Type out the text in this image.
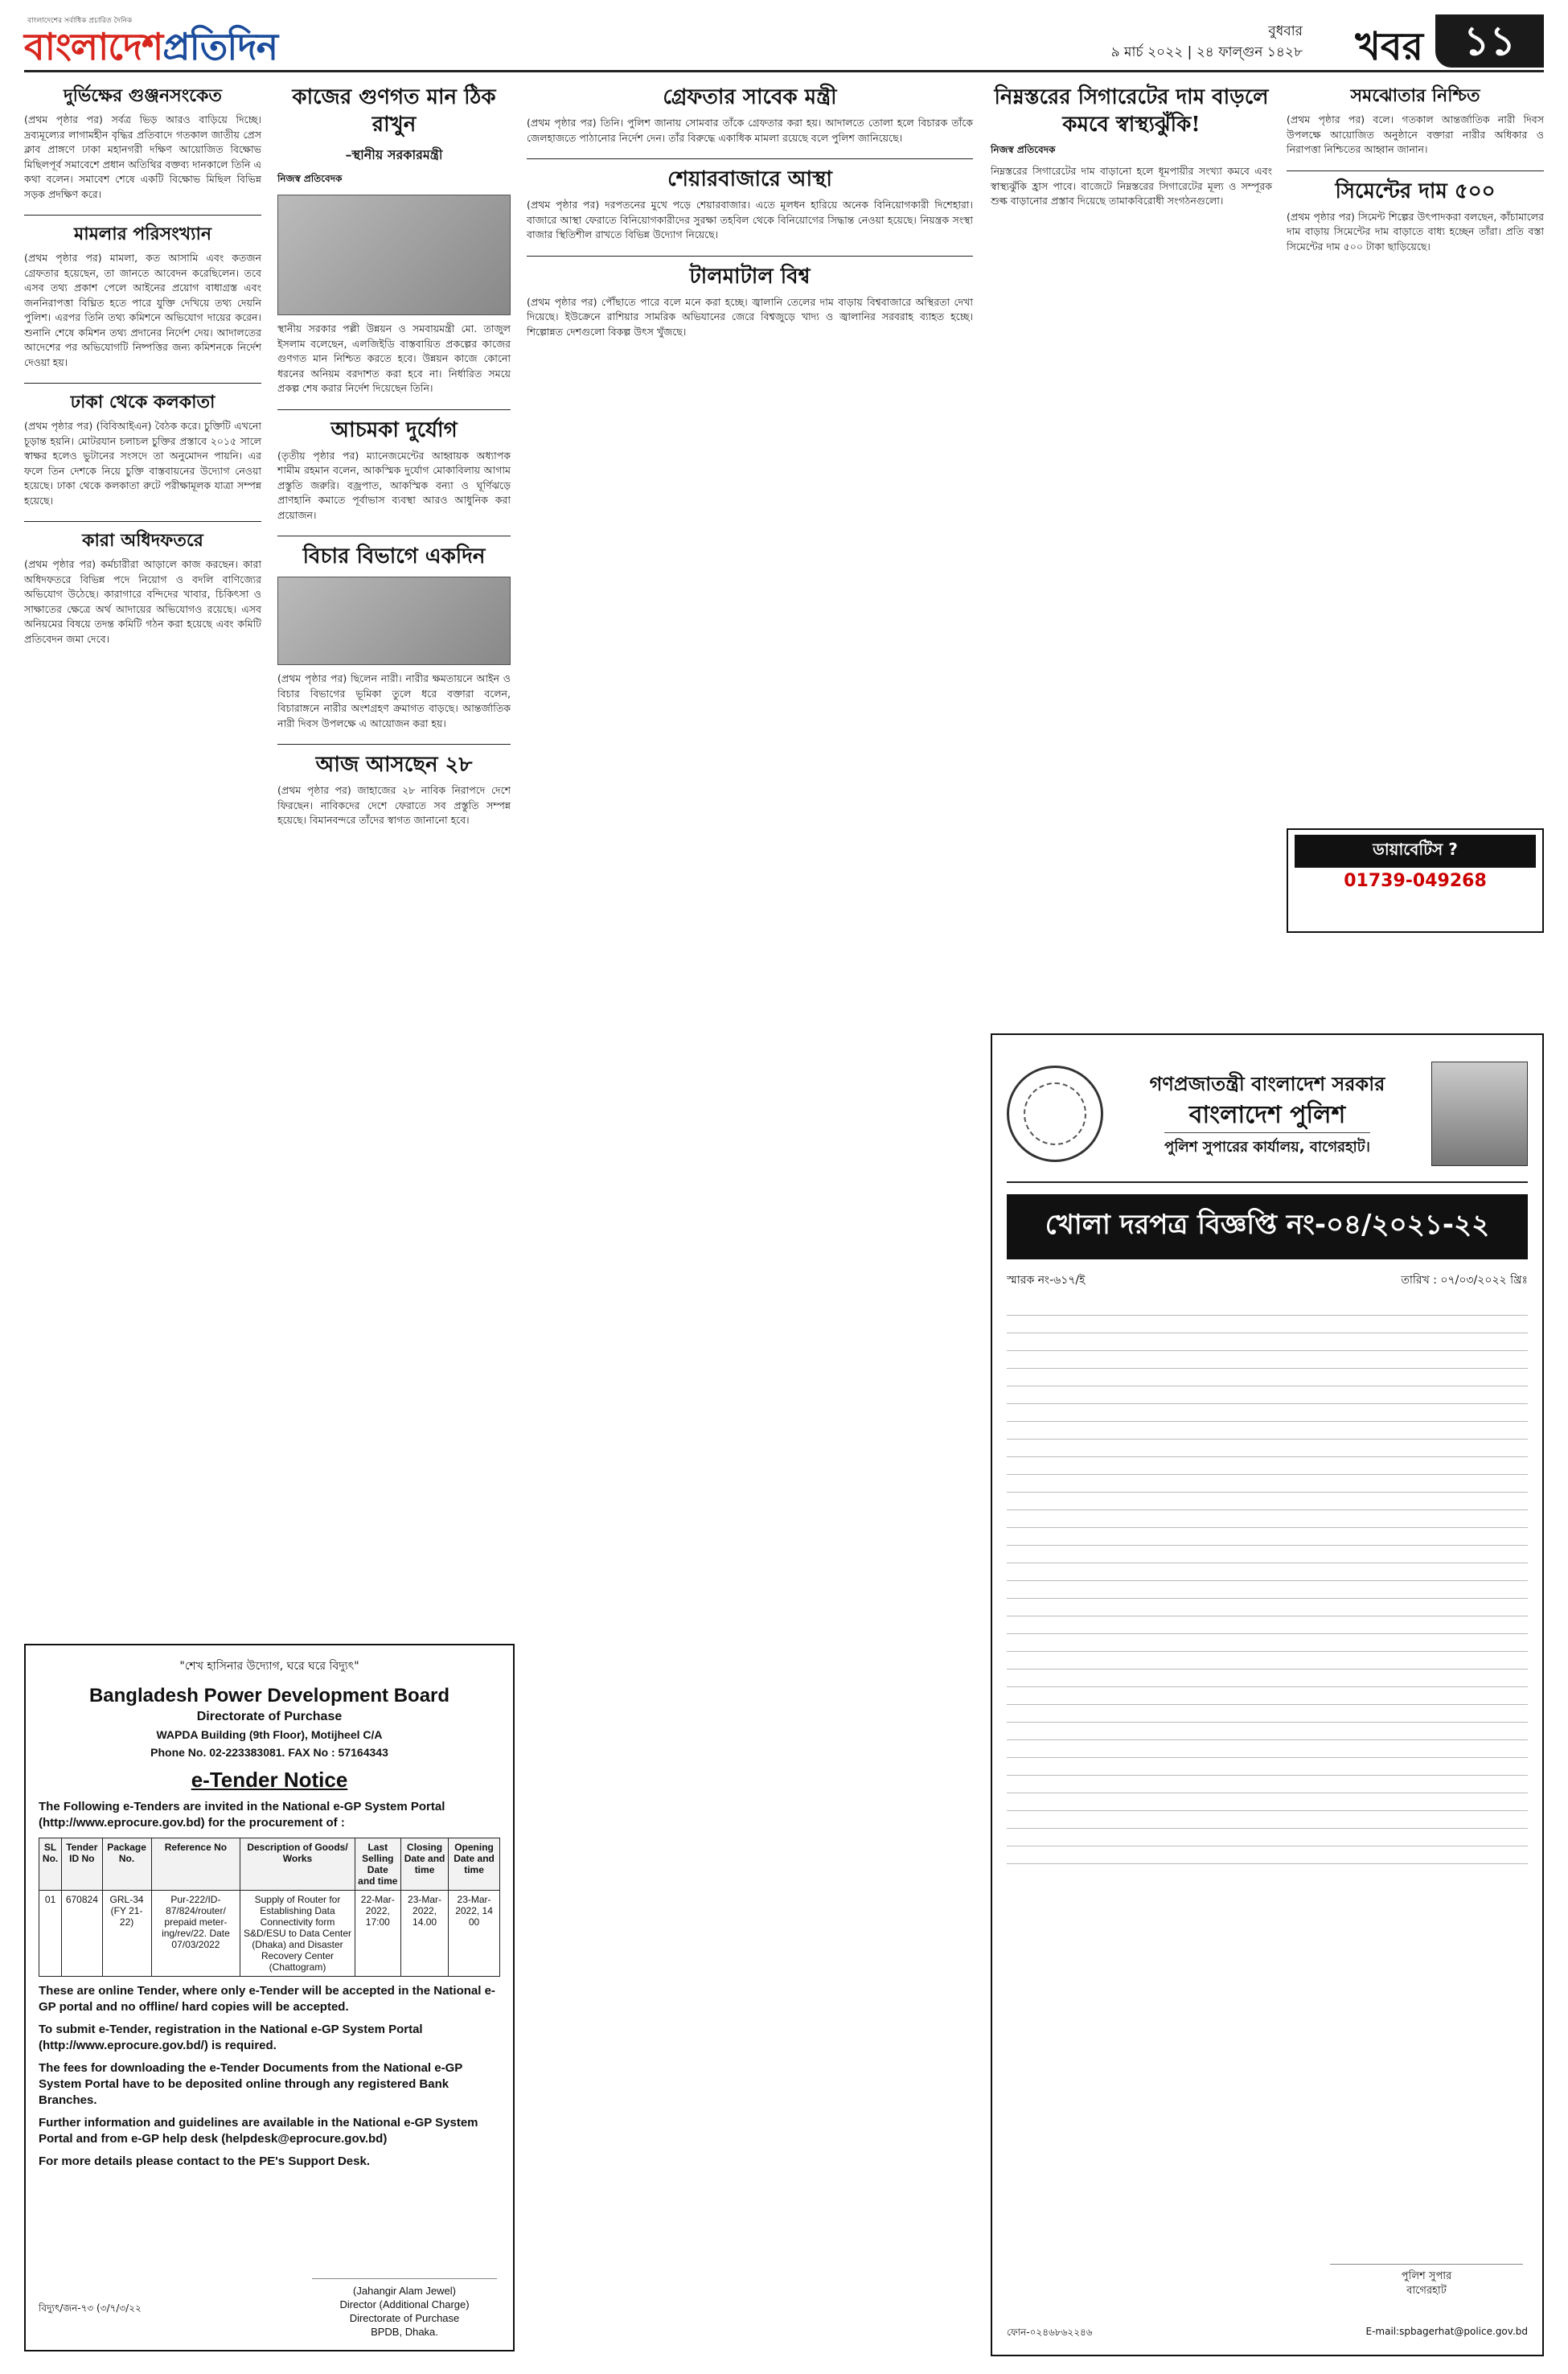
বাংলাদেশের সর্বাধিক প্রচারিত দৈনিক
বাংলাদেশপ্রতিদিন	বুধবার
৯ মার্চ ২০২২ | ২৪ ফাল্গুন ১৪২৮ খবর	১১
দুর্ভিক্ষের গুঞ্জনসংকেত

(প্রথম পৃষ্ঠার পর) সর্বত্র ভিড় আরও বাড়িয়ে দিচ্ছে। দ্রব্যমূল্যের লাগামহীন বৃদ্ধির প্রতিবাদে গতকাল জাতীয় প্রেস ক্লাব প্রাঙ্গণে ঢাকা মহানগরী দক্ষিণ আয়োজিত বিক্ষোভ মিছিলপূর্ব সমাবেশে প্রধান অতিথির বক্তব্য দানকালে তিনি এ কথা বলেন। সমাবেশ শেষে একটি বিক্ষোভ মিছিল বিভিন্ন সড়ক প্রদক্ষিণ করে।

মামলার পরিসংখ্যান

(প্রথম পৃষ্ঠার পর) মামলা, কত আসামি এবং কতজন গ্রেফতার হয়েছেন, তা জানতে আবেদন করেছিলেন। তবে এসব তথ্য প্রকাশ পেলে আইনের প্রয়োগ বাধাগ্রস্ত এবং জননিরাপত্তা বিঘ্নিত হতে পারে যুক্তি দেখিয়ে তথ্য দেয়নি পুলিশ। এরপর তিনি তথ্য কমিশনে অভিযোগ দায়ের করেন। শুনানি শেষে কমিশন তথ্য প্রদানের নির্দেশ দেয়। আদালতের আদেশের পর অভিযোগটি নিষ্পত্তির জন্য কমিশনকে নির্দেশ দেওয়া হয়।

ঢাকা থেকে কলকাতা

(প্রথম পৃষ্ঠার পর) (বিবিআইএন) বৈঠক করে। চুক্তিটি এখনো চূড়ান্ত হয়নি। মোটরযান চলাচল চুক্তির প্রস্তাবে ২০১৫ সালে স্বাক্ষর হলেও ভুটানের সংসদে তা অনুমোদন পায়নি। এর ফলে তিন দেশকে নিয়ে চুক্তি বাস্তবায়নের উদ্যোগ নেওয়া হয়েছে। ঢাকা থেকে কলকাতা রুটে পরীক্ষামূলক যাত্রা সম্পন্ন হয়েছে।

কারা অধিদফতরে

(প্রথম পৃষ্ঠার পর) কর্মচারীরা আড়ালে কাজ করছেন। কারা অধিদফতরে বিভিন্ন পদে নিয়োগ ও বদলি বাণিজ্যের অভিযোগ উঠেছে। কারাগারে বন্দিদের খাবার, চিকিৎসা ও সাক্ষাতের ক্ষেত্রে অর্থ আদায়ের অভিযোগও রয়েছে। এসব অনিয়মের বিষয়ে তদন্ত কমিটি গঠন করা হয়েছে এবং কমিটি প্রতিবেদন জমা দেবে।

কাজের গুণগত মান ঠিক রাখুন
–স্থানীয় সরকারমন্ত্রী
নিজস্ব প্রতিবেদক

স্থানীয় সরকার পল্লী উন্নয়ন ও সমবায়মন্ত্রী মো. তাজুল ইসলাম বলেছেন, এলজিইডি বাস্তবায়িত প্রকল্পের কাজের গুণগত মান নিশ্চিত করতে হবে। উন্নয়ন কাজে কোনো ধরনের অনিয়ম বরদাশত করা হবে না। নির্ধারিত সময়ে প্রকল্প শেষ করার নির্দেশ দিয়েছেন তিনি।

আচমকা দুর্যোগ

(তৃতীয় পৃষ্ঠার পর) ম্যানেজমেন্টের আহ্বায়ক অধ্যাপক শামীম রহমান বলেন, আকস্মিক দুর্যোগ মোকাবিলায় আগাম প্রস্তুতি জরুরি। বজ্রপাত, আকস্মিক বন্যা ও ঘূর্ণিঝড়ে প্রাণহানি কমাতে পূর্বাভাস ব্যবস্থা আরও আধুনিক করা প্রয়োজন।

বিচার বিভাগে একদিন

(প্রথম পৃষ্ঠার পর) ছিলেন নারী। নারীর ক্ষমতায়নে আইন ও বিচার বিভাগের ভূমিকা তুলে ধরে বক্তারা বলেন, বিচারাঙ্গনে নারীর অংশগ্রহণ ক্রমাগত বাড়ছে। আন্তর্জাতিক নারী দিবস উপলক্ষে এ আয়োজন করা হয়।

আজ আসছেন ২৮

(প্রথম পৃষ্ঠার পর) জাহাজের ২৮ নাবিক নিরাপদে দেশে ফিরছেন। নাবিকদের দেশে ফেরাতে সব প্রস্তুতি সম্পন্ন হয়েছে। বিমানবন্দরে তাঁদের স্বাগত জানানো হবে।

গ্রেফতার সাবেক মন্ত্রী

(প্রথম পৃষ্ঠার পর) তিনি। পুলিশ জানায় সোমবার তাঁকে গ্রেফতার করা হয়। আদালতে তোলা হলে বিচারক তাঁকে জেলহাজতে পাঠানোর নির্দেশ দেন। তাঁর বিরুদ্ধে একাধিক মামলা রয়েছে বলে পুলিশ জানিয়েছে।

শেয়ারবাজারে আস্থা

(প্রথম পৃষ্ঠার পর) দরপতনের মুখে পড়ে শেয়ারবাজার। এতে মূলধন হারিয়ে অনেক বিনিয়োগকারী দিশেহারা। বাজারে আস্থা ফেরাতে বিনিয়োগকারীদের সুরক্ষা তহবিল থেকে বিনিয়োগের সিদ্ধান্ত নেওয়া হয়েছে। নিয়ন্ত্রক সংস্থা বাজার স্থিতিশীল রাখতে বিভিন্ন উদ্যোগ নিয়েছে।

টালমাটাল বিশ্ব

(প্রথম পৃষ্ঠার পর) পৌঁছাতে পারে বলে মনে করা হচ্ছে। জ্বালানি তেলের দাম বাড়ায় বিশ্ববাজারে অস্থিরতা দেখা দিয়েছে। ইউক্রেনে রাশিয়ার সামরিক অভিযানের জেরে বিশ্বজুড়ে খাদ্য ও জ্বালানির সরবরাহ ব্যাহত হচ্ছে। শিল্পোন্নত দেশগুলো বিকল্প উৎস খুঁজছে।

নিম্নস্তরের সিগারেটের দাম বাড়লে কমবে স্বাস্থ্যঝুঁকি!
নিজস্ব প্রতিবেদক

নিম্নস্তরের সিগারেটের দাম বাড়ানো হলে ধূমপায়ীর সংখ্যা কমবে এবং স্বাস্থ্যঝুঁকি হ্রাস পাবে। বাজেটে নিম্নস্তরের সিগারেটের মূল্য ও সম্পূরক শুল্ক বাড়ানোর প্রস্তাব দিয়েছে তামাকবিরোধী সংগঠনগুলো।

সমঝোতার নিশ্চিত

(প্রথম পৃষ্ঠার পর) বলে। গতকাল আন্তর্জাতিক নারী দিবস উপলক্ষে আয়োজিত অনুষ্ঠানে বক্তারা নারীর অধিকার ও নিরাপত্তা নিশ্চিতের আহ্বান জানান।

সিমেন্টের দাম ৫০০

(প্রথম পৃষ্ঠার পর) সিমেন্ট শিল্পের উৎপাদকরা বলছেন, কাঁচামালের দাম বাড়ায় সিমেন্টের দাম বাড়াতে বাধ্য হচ্ছেন তাঁরা। প্রতি বস্তা সিমেন্টের দাম ৫০০ টাকা ছাড়িয়েছে।

ডায়াবেটিস ?
01739-049268
"শেখ হাসিনার উদ্যোগ, ঘরে ঘরে বিদ্যুৎ"
Bangladesh Power Development Board
Directorate of Purchase
WAPDA Building (9th Floor), Motijheel C/A
Phone No. 02-223383081. FAX No : 57164343
e-Tender Notice

The Following e-Tenders are invited in the National e-GP System Portal (http://www.eprocure.gov.bd) for the procurement of :

SL No.	Tender ID No	Package No.	Reference No	Description of Goods/ Works	Last Selling Date and time	Closing Date and time	Opening Date and time
01	670824	GRL-34 (FY 21-22)	Pur-222/ID-87/824/router/ prepaid meter-ing/rev/22. Date 07/03/2022	Supply of Router for Establishing Data Connectivity form S&D/ESU to Data Center (Dhaka) and Disaster Recovery Center (Chattogram)	22-Mar-2022, 17:00	23-Mar-2022, 14.00	23-Mar-2022, 14 00

These are online Tender, where only e-Tender will be accepted in the National e-GP portal and no offline/ hard copies will be accepted.

To submit e-Tender, registration in the National e-GP System Portal (http://www.eprocure.gov.bd/) is required.

The fees for downloading the e-Tender Documents from the National e-GP System Portal have to be deposited online through any registered Bank Branches.

Further information and guidelines are available in the National e-GP System Portal and from e-GP help desk (helpdesk@eprocure.gov.bd)

For more details please contact to the PE's Support Desk.

বিদ্যুৎ/জন-৭৩ (৩/৭/৩/২২
(Jahangir Alam Jewel)
Director (Additional Charge)
Directorate of Purchase
BPDB, Dhaka.
গণপ্রজাতন্ত্রী বাংলাদেশ সরকার
বাংলাদেশ পুলিশ
পুলিশ সুপারের কার্যালয়, বাগেরহাট।
খোলা দরপত্র বিজ্ঞপ্তি নং-০৪/২০২১-২২
স্মারক নং-৬১৭/ই	তারিখ : ০৭/০৩/২০২২ খ্রিঃ
পুলিশ সুপার
বাগেরহাট
ফোন-০২৪৬৮৬২২৪৬	E-mail:spbagerhat@police.gov.bd
